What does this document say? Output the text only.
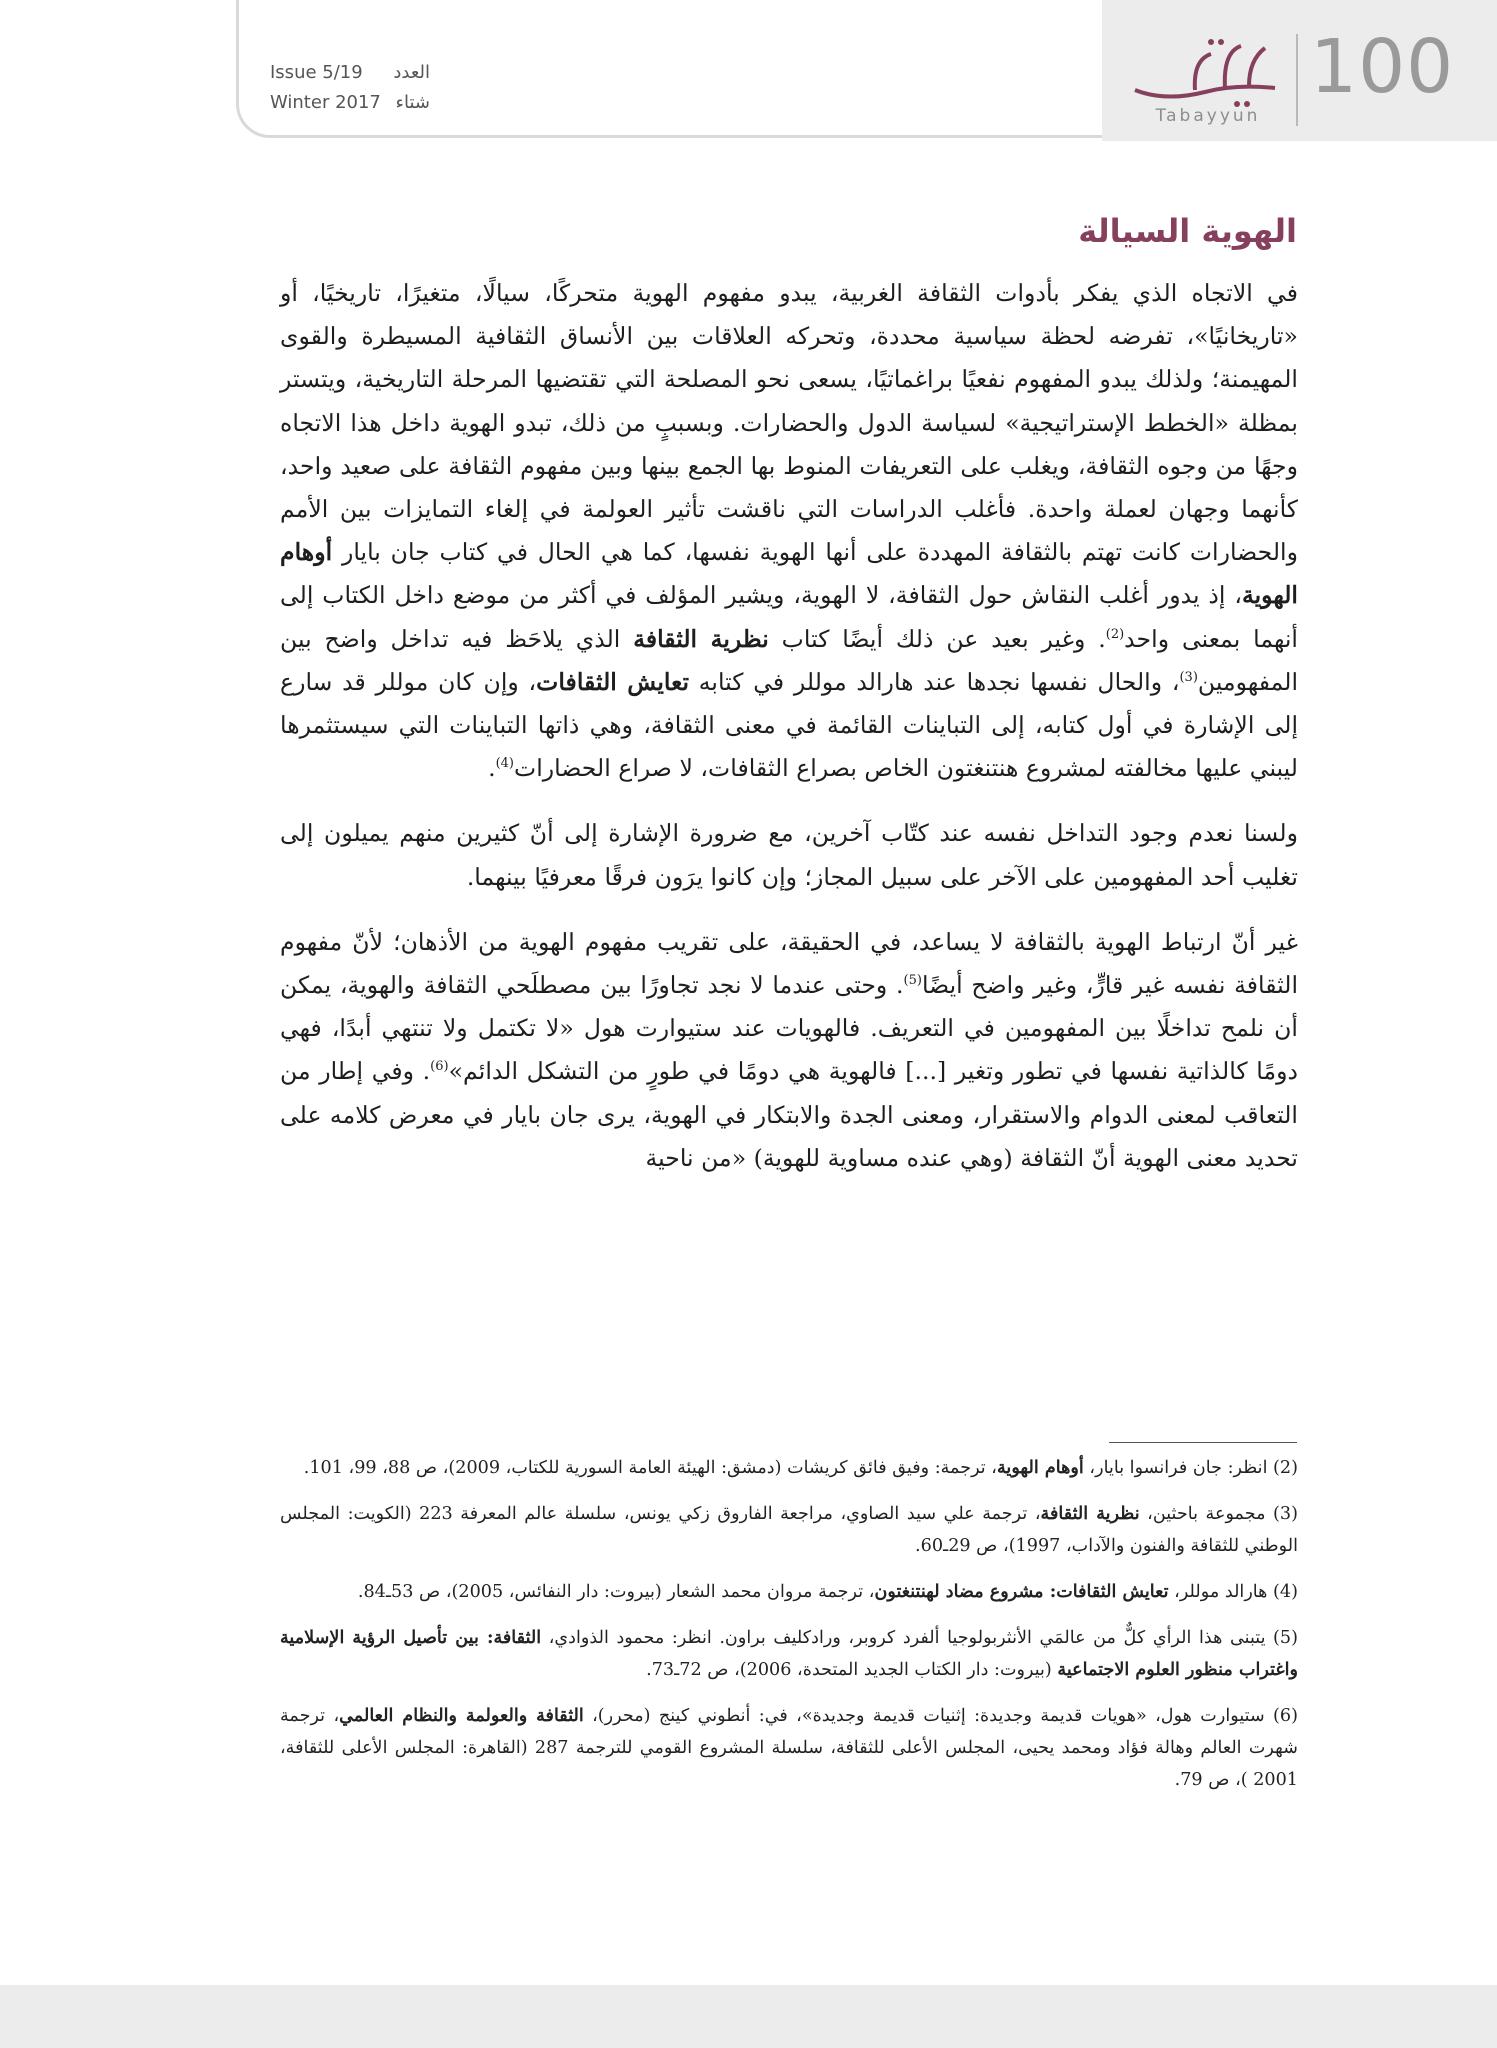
Tabayyun
100
Issue 5/19 العدد
Winter 2017 شتاء
الهوية السيالة

في الاتجاه الذي يفكر بأدوات الثقافة الغربية، يبدو مفهوم الهوية متحركًا، سيالًا، متغيرًا، تاريخيًا، أو «تاريخانيًا»، تفرضه لحظة سياسية محددة، وتحركه العلاقات بين الأنساق الثقافية المسيطرة والقوى المهيمنة؛ ولذلك يبدو المفهوم نفعيًا براغماتيًا، يسعى نحو المصلحة التي تقتضيها المرحلة التاريخية، ويتستر بمظلة «الخطط الإستراتيجية» لسياسة الدول والحضارات. وبسببٍ من ذلك، تبدو الهوية داخل هذا الاتجاه وجهًا من وجوه الثقافة، ويغلب على التعريفات المنوط بها الجمع بينها وبين مفهوم الثقافة على صعيد واحد، كأنهما وجهان لعملة واحدة. فأغلب الدراسات التي ناقشت تأثير العولمة في إلغاء التمايزات بين الأمم والحضارات كانت تهتم بالثقافة المهددة على أنها الهوية نفسها، كما هي الحال في كتاب جان بايار أوهام الهوية، إذ يدور أغلب النقاش حول الثقافة، لا الهوية، ويشير المؤلف في أكثر من موضع داخل الكتاب إلى أنهما بمعنى واحد$^{(2)}$. وغير بعيد عن ذلك أيضًا كتاب نظرية الثقافة الذي يلاحَظ فيه تداخل واضح بين المفهومين$^{(3)}$، والحال نفسها نجدها عند هارالد موللر في كتابه تعايش الثقافات، وإن كان موللر قد سارع إلى الإشارة في أول كتابه، إلى التباينات القائمة في معنى الثقافة، وهي ذاتها التباينات التي سيستثمرها ليبني عليها مخالفته لمشروع هنتنغتون الخاص بصراع الثقافات، لا صراع الحضارات$^{(4)}$.

ولسنا نعدم وجود التداخل نفسه عند كتّاب آخرين، مع ضرورة الإشارة إلى أنّ كثيرين منهم يميلون إلى تغليب أحد المفهومين على الآخر على سبيل المجاز؛ وإن كانوا يرَون فرقًا معرفيًا بينهما.

غير أنّ ارتباط الهوية بالثقافة لا يساعد، في الحقيقة، على تقريب مفهوم الهوية من الأذهان؛ لأنّ مفهوم الثقافة نفسه غير قارٍّ، وغير واضح أيضًا$^{(5)}$. وحتى عندما لا نجد تجاورًا بين مصطلَحي الثقافة والهوية، يمكن أن نلمح تداخلًا بين المفهومين في التعريف. فالهويات عند ستيوارت هول «لا تكتمل ولا تنتهي أبدًا، فهي دومًا كالذاتية نفسها في تطور وتغير [...] فالهوية هي دومًا في طورٍ من التشكل الدائم»$^{(6)}$. وفي إطار من التعاقب لمعنى الدوام والاستقرار، ومعنى الجدة والابتكار في الهوية، يرى جان بايار في معرض كلامه على تحديد معنى الهوية أنّ الثقافة (وهي عنده مساوية للهوية) «من ناحية

(2) انظر: جان فرانسوا بايار، أوهام الهوية، ترجمة: وفيق فائق كريشات (دمشق: الهيئة العامة السورية للكتاب، 2009)، ص 88، 99، 101.

(3) مجموعة باحثين، نظرية الثقافة، ترجمة علي سيد الصاوي، مراجعة الفاروق زكي يونس، سلسلة عالم المعرفة 223 (الكويت: المجلس الوطني للثقافة والفنون والآداب، 1997)، ص 29ـ60.

(4) هارالد موللر، تعايش الثقافات: مشروع مضاد لهنتنغتون، ترجمة مروان محمد الشعار (بيروت: دار النفائس، 2005)، ص 53ـ84.

(5) يتبنى هذا الرأي كلٌّ من عالمَي الأنثربولوجيا ألفرد كروبر، ورادكليف براون. انظر: محمود الذوادي، الثقافة: بين تأصيل الرؤية الإسلامية واغتراب منظور العلوم الاجتماعية (بيروت: دار الكتاب الجديد المتحدة، 2006)، ص 72ـ73.

(6) ستيوارت هول، «هويات قديمة وجديدة: إثنيات قديمة وجديدة»، في: أنطوني كينج (محرر)، الثقافة والعولمة والنظام العالمي، ترجمة شهرت العالم وهالة فؤاد ومحمد يحيى، المجلس الأعلى للثقافة، سلسلة المشروع القومي للترجمة 287 (القاهرة: المجلس الأعلى للثقافة، 2001 )، ص 79.
